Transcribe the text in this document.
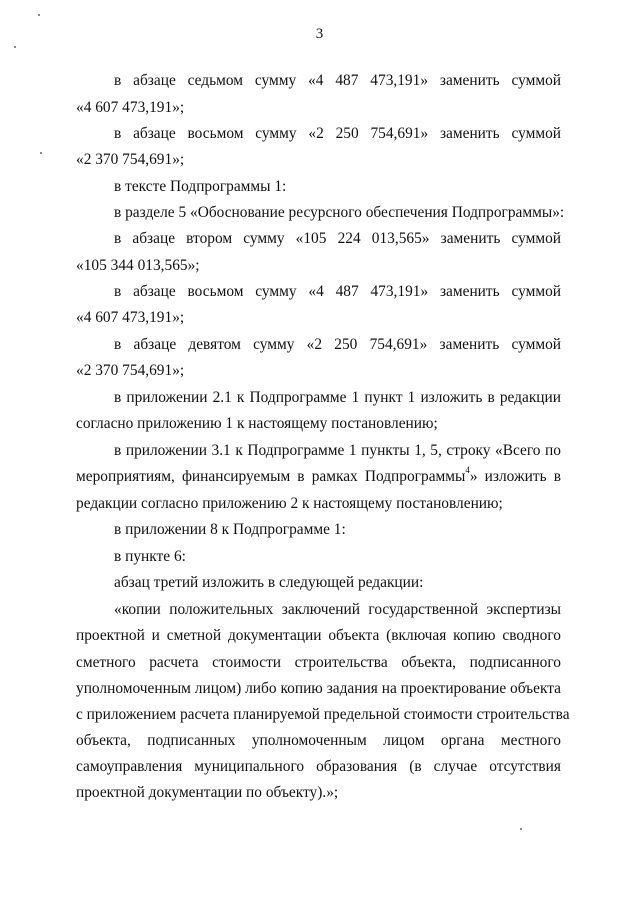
3
в абзаце седьмом сумму «4 487 473,191» заменить суммой
«4 607 473,191»;
в абзаце восьмом сумму «2 250 754,691» заменить суммой
«2 370 754,691»;
в тексте Подпрограммы 1:
в разделе 5 «Обоснование ресурсного обеспечения Подпрограммы»:
в абзаце втором сумму «105 224 013,565» заменить суммой
«105 344 013,565»;
в абзаце восьмом сумму «4 487 473,191» заменить суммой
«4 607 473,191»;
в абзаце девятом сумму «2 250 754,691» заменить суммой
«2 370 754,691»;
в приложении 2.1 к Подпрограмме 1 пункт 1 изложить в редакции
согласно приложению 1 к настоящему постановлению;
в приложении 3.1 к Подпрограмме 1 пункты 1, 5, строку «Всего по
мероприятиям, финансируемым в рамках Подпрограммы$^4$» изложить в
редакции согласно приложению 2 к настоящему постановлению;
в приложении 8 к Подпрограмме 1:
в пункте 6:
абзац третий изложить в следующей редакции:
«копии положительных заключений государственной экспертизы
проектной и сметной документации объекта (включая копию сводного
сметного расчета стоимости строительства объекта, подписанного
уполномоченным лицом) либо копию задания на проектирование объекта
с приложением расчета планируемой предельной стоимости строительства
объекта, подписанных уполномоченным лицом органа местного
самоуправления муниципального образования (в случае отсутствия
проектной документации по объекту).»;
